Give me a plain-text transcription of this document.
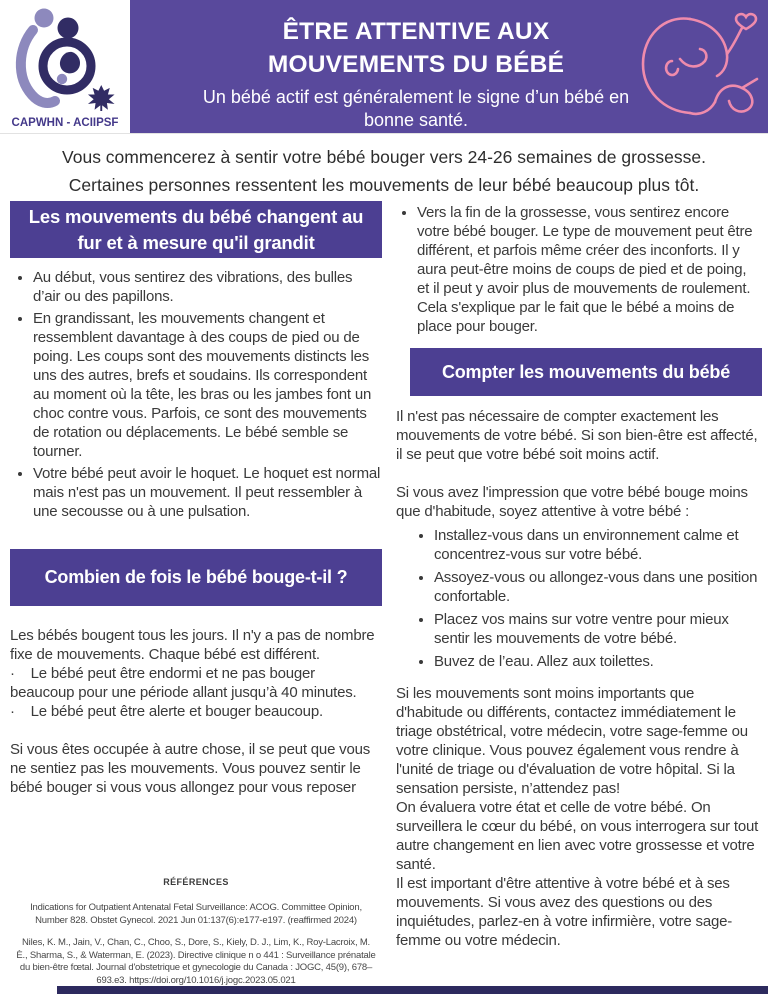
CAPWHN - ACIIPSF
ÊTRE ATTENTIVE AUX
MOUVEMENTS DU BÉBÉ
Un bébé actif est généralement le signe d’un bébé en bonne santé.
Vous commencerez à sentir votre bébé bouger vers 24-26 semaines de grossesse. Certaines personnes ressentent les mouvements de leur bébé beaucoup plus tôt.
Les mouvements du bébé changent au fur et à mesure qu'il grandit
• Au début, vous sentirez des vibrations, des bulles d’air ou des papillons.
• En grandissant, les mouvements changent et ressemblent davantage à des coups de pied ou de poing. Les coups sont des mouvements distincts les uns des autres, brefs et soudains. Ils correspondent au moment où la tête, les bras ou les jambes font un choc contre vous. Parfois, ce sont des mouvements de rotation ou déplacements. Le bébé semble se tourner.
• Votre bébé peut avoir le hoquet. Le hoquet est normal mais n'est pas un mouvement. Il peut ressembler à une secousse ou à une pulsation.
Combien de fois le bébé bouge-t-il ?

Les bébés bougent tous les jours. Il n'y a pas de nombre fixe de mouvements. Chaque bébé est différent.

·    Le bébé peut être endormi et ne pas bouger beaucoup pour une période allant jusqu’à 40 minutes.

·    Le bébé peut être alerte et bouger beaucoup.

Si vous êtes occupée à autre chose, il se peut que vous ne sentiez pas les mouvements. Vous pouvez sentir le bébé bouger si vous vous allongez pour vous reposer

RÉFÉRENCES

Indications for Outpatient Antenatal Fetal Surveillance: ACOG. Committee Opinion, Number 828. Obstet Gynecol. 2021 Jun 01:137(6):e177-e197. (reaffirmed 2024)

Niles, K. M., Jain, V., Chan, C., Choo, S., Dore, S., Kiely, D. J., Lim, K., Roy-Lacroix, M. È., Sharma, S., & Waterman, E. (2023). Directive clinique n o 441 : Surveillance prénatale du bien-être fœtal. Journal d'obstetrique et gynecologie du Canada : JOGC, 45(9), 678–693.e3. https://doi.org/10.1016/j.jogc.2023.05.021

• Vers la fin de la grossesse, vous sentirez encore votre bébé bouger. Le type de mouvement peut être différent, et parfois même créer des inconforts. Il y aura peut-être moins de coups de pied et de poing, et il peut y avoir plus de mouvements de roulement. Cela s'explique par le fait que le bébé a moins de place pour bouger.
Compter les mouvements du bébé

Il n'est pas nécessaire de compter exactement les mouvements de votre bébé. Si son bien-être est affecté, il se peut que votre bébé soit moins actif.

Si vous avez l'impression que votre bébé bouge moins que d'habitude, soyez attentive à votre bébé :

• Installez-vous dans un environnement calme et concentrez-vous sur votre bébé.
• Assoyez-vous ou allongez-vous dans une position confortable.
• Placez vos mains sur votre ventre pour mieux sentir les mouvements de votre bébé.
• Buvez de l’eau. Allez aux toilettes.

Si les mouvements sont moins importants que d'habitude ou différents, contactez immédiatement le triage obstétrical, votre médecin, votre sage-femme ou votre clinique. Vous pouvez également vous rendre à l'unité de triage ou d'évaluation de votre hôpital. Si la sensation persiste, n’attendez pas!

On évaluera votre état et celle de votre bébé. On surveillera le cœur du bébé, on vous interrogera sur tout autre changement en lien avec votre grossesse et votre santé.

Il est important d'être attentive à votre bébé et à ses mouvements. Si vous avez des questions ou des inquiétudes, parlez-en à votre infirmière, votre sage-femme ou votre médecin.
